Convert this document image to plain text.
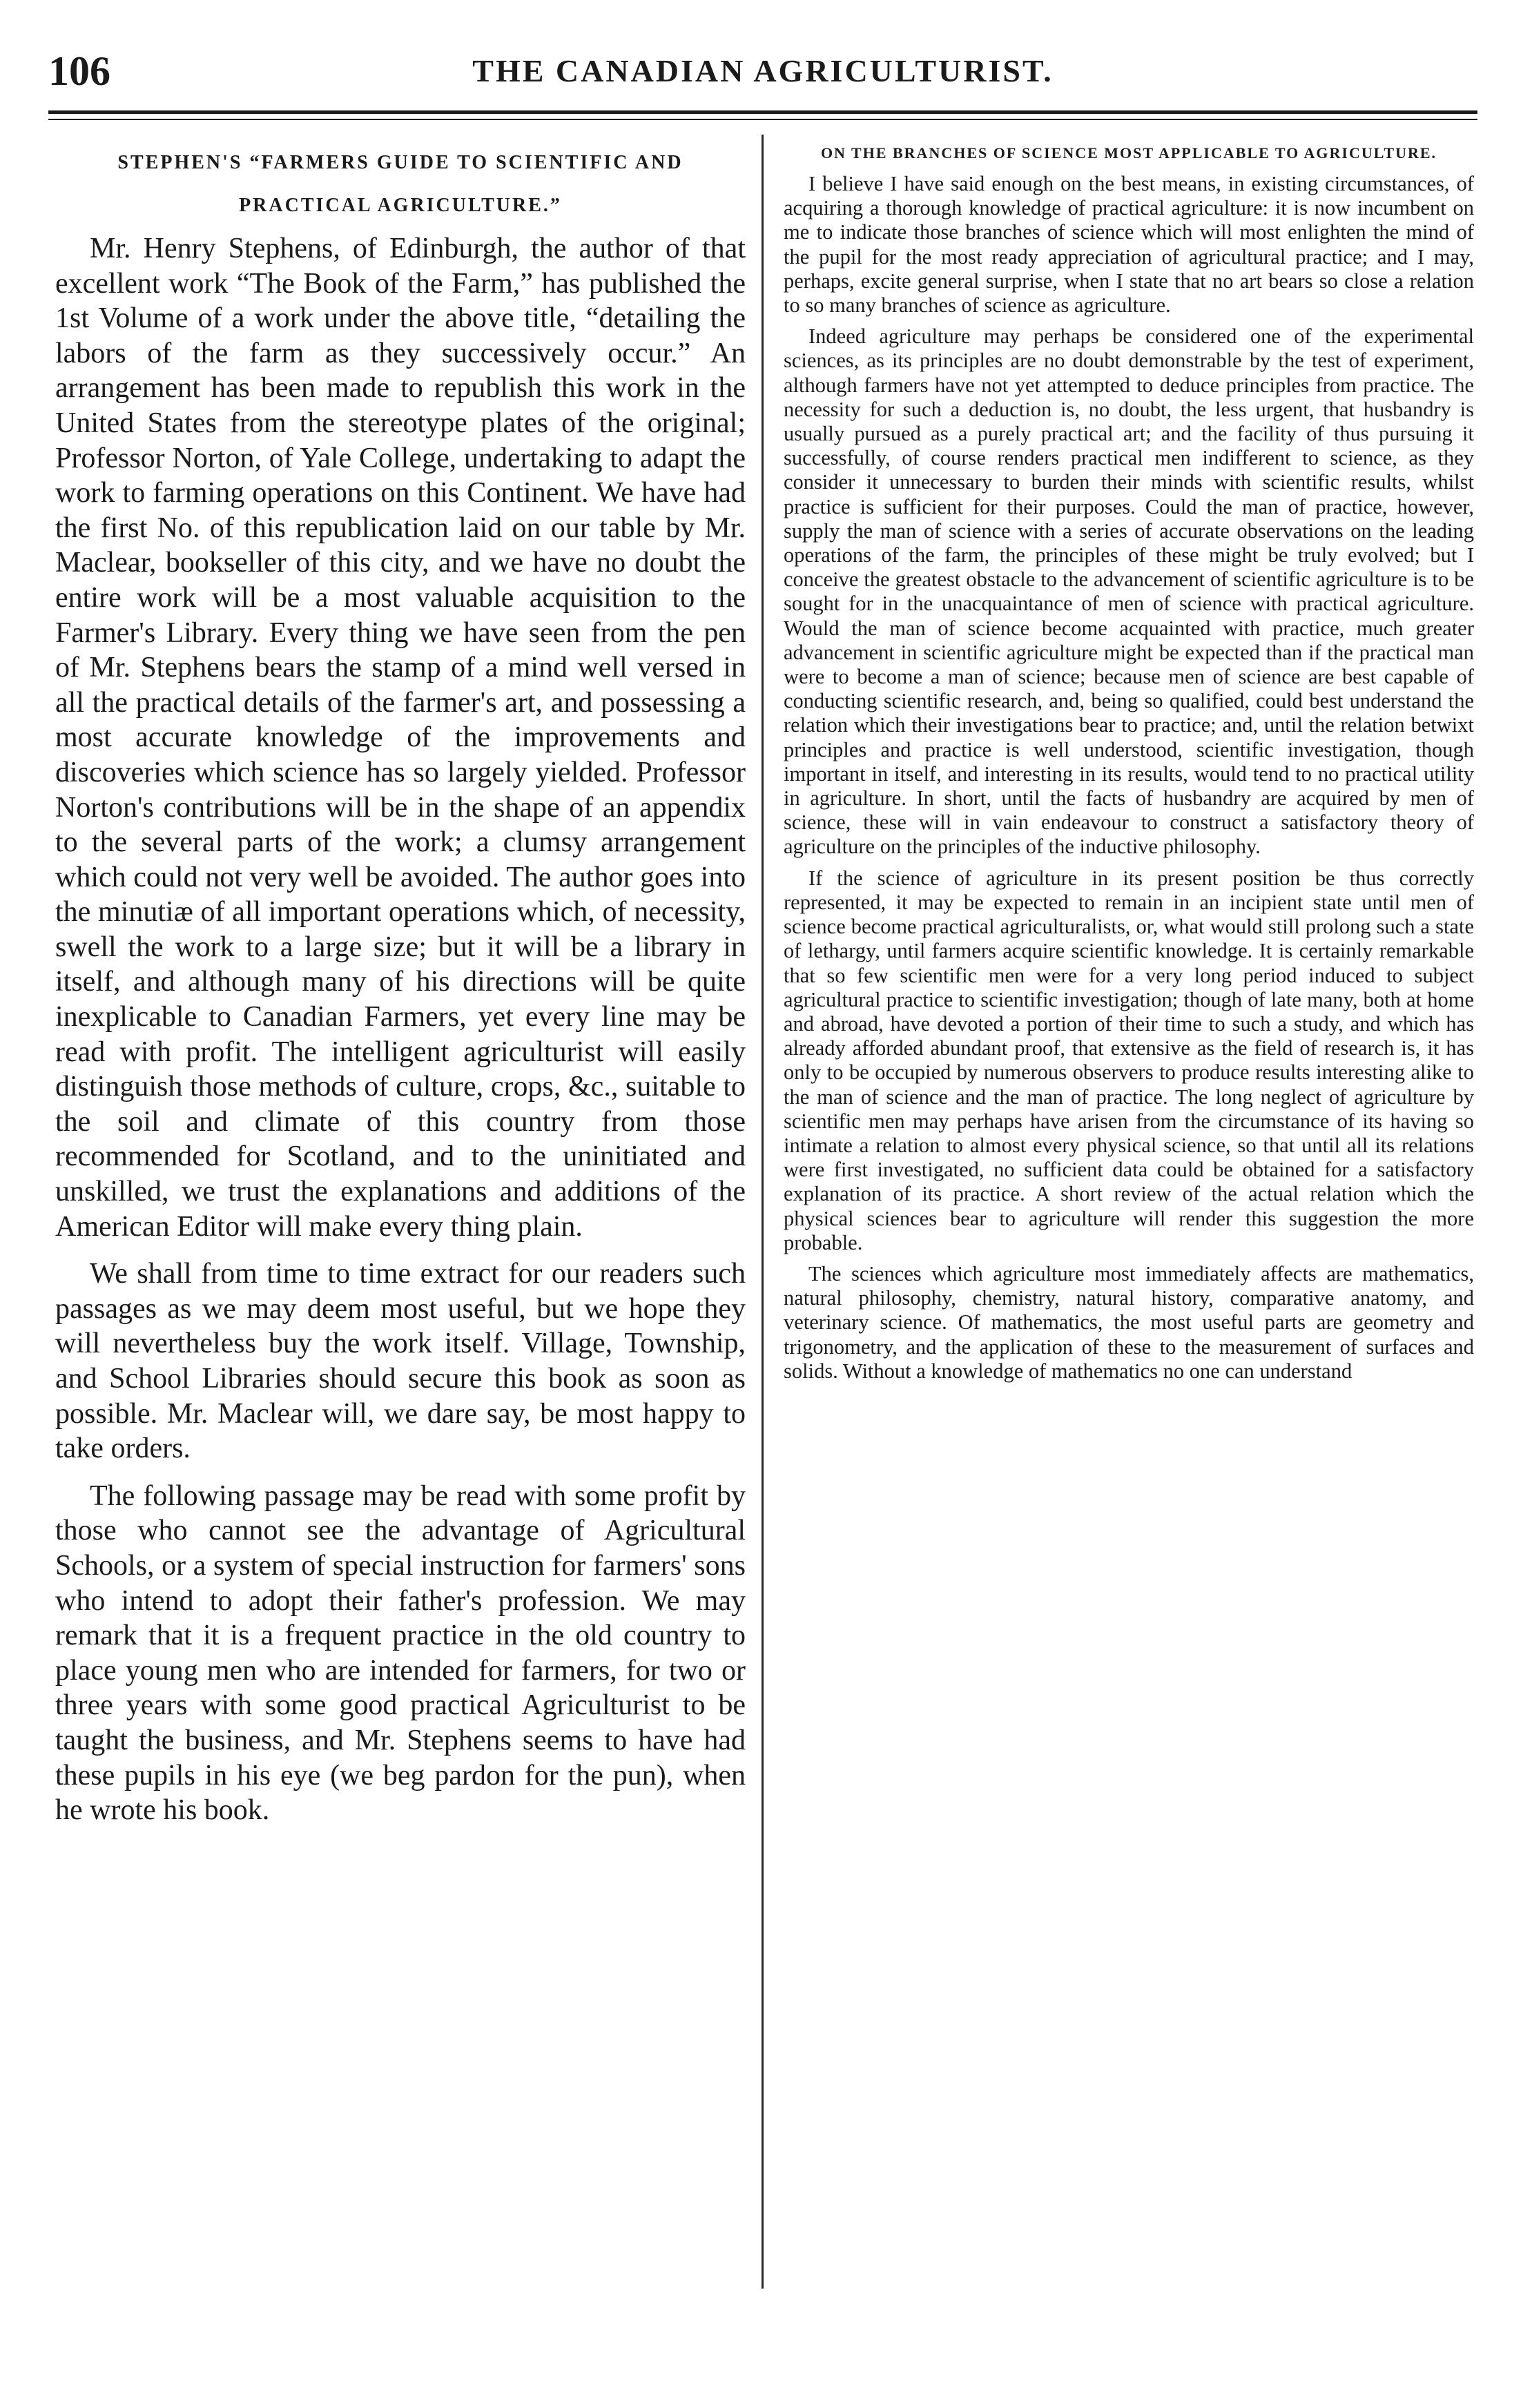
106	THE CANADIAN AGRICULTURIST.
STEPHEN'S “FARMERS GUIDE TO SCIENTIFIC AND PRACTICAL AGRICULTURE.”

Mr. Henry Stephens, of Edinburgh, the author of that excellent work “The Book of the Farm,” has published the 1st Volume of a work under the above title, “detailing the labors of the farm as they successively occur.” An arrangement has been made to republish this work in the United States from the stereotype plates of the original; Professor Norton, of Yale College, undertaking to adapt the work to farming operations on this Continent. We have had the first No. of this republication laid on our table by Mr. Maclear, bookseller of this city, and we have no doubt the entire work will be a most valuable acquisition to the Farmer's Library. Every thing we have seen from the pen of Mr. Stephens bears the stamp of a mind well versed in all the practical details of the farmer's art, and possessing a most accurate knowledge of the improvements and discoveries which science has so largely yielded. Professor Norton's contributions will be in the shape of an appendix to the several parts of the work; a clumsy arrangement which could not very well be avoided. The author goes into the minutiæ of all important operations which, of necessity, swell the work to a large size; but it will be a library in itself, and although many of his directions will be quite inexplicable to Canadian Farmers, yet every line may be read with profit. The intelligent agriculturist will easily distinguish those methods of culture, crops, &c., suitable to the soil and climate of this country from those recommended for Scotland, and to the uninitiated and unskilled, we trust the explanations and additions of the American Editor will make every thing plain.

We shall from time to time extract for our readers such passages as we may deem most useful, but we hope they will nevertheless buy the work itself. Village, Township, and School Libraries should secure this book as soon as possible. Mr. Maclear will, we dare say, be most happy to take orders.

The following passage may be read with some profit by those who cannot see the advantage of Agricultural Schools, or a system of special instruction for farmers' sons who intend to adopt their father's profession. We may remark that it is a frequent practice in the old country to place young men who are intended for farmers, for two or three years with some good practical Agriculturist to be taught the business, and Mr. Stephens seems to have had these pupils in his eye (we beg pardon for the pun), when he wrote his book.

ON THE BRANCHES OF SCIENCE MOST APPLICABLE TO AGRICULTURE.

I believe I have said enough on the best means, in existing circumstances, of acquiring a thorough knowledge of practical agriculture: it is now incumbent on me to indicate those branches of science which will most enlighten the mind of the pupil for the most ready appreciation of agricultural practice; and I may, perhaps, excite general surprise, when I state that no art bears so close a relation to so many branches of science as agriculture.

Indeed agriculture may perhaps be considered one of the experimental sciences, as its principles are no doubt demonstrable by the test of experiment, although farmers have not yet attempted to deduce principles from practice. The necessity for such a deduction is, no doubt, the less urgent, that husbandry is usually pursued as a purely practical art; and the facility of thus pursuing it successfully, of course renders practical men indifferent to science, as they consider it unnecessary to burden their minds with scientific results, whilst practice is sufficient for their purposes. Could the man of practice, however, supply the man of science with a series of accurate observations on the leading operations of the farm, the principles of these might be truly evolved; but I conceive the greatest obstacle to the advancement of scientific agriculture is to be sought for in the unacquaintance of men of science with practical agriculture. Would the man of science become acquainted with practice, much greater advancement in scientific agriculture might be expected than if the practical man were to become a man of science; because men of science are best capable of conducting scientific research, and, being so qualified, could best understand the relation which their investigations bear to practice; and, until the relation betwixt principles and practice is well understood, scientific investigation, though important in itself, and interesting in its results, would tend to no practical utility in agriculture. In short, until the facts of husbandry are acquired by men of science, these will in vain endeavour to construct a satisfactory theory of agriculture on the principles of the inductive philosophy.

If the science of agriculture in its present position be thus correctly represented, it may be expected to remain in an incipient state until men of science become practical agriculturalists, or, what would still prolong such a state of lethargy, until farmers acquire scientific knowledge. It is certainly remarkable that so few scientific men were for a very long period induced to subject agricultural practice to scientific investigation; though of late many, both at home and abroad, have devoted a portion of their time to such a study, and which has already afforded abundant proof, that extensive as the field of research is, it has only to be occupied by numerous observers to produce results interesting alike to the man of science and the man of practice. The long neglect of agriculture by scientific men may perhaps have arisen from the circumstance of its having so intimate a relation to almost every physical science, so that until all its relations were first investigated, no sufficient data could be obtained for a satisfactory explanation of its practice. A short review of the actual relation which the physical sciences bear to agriculture will render this suggestion the more probable.

The sciences which agriculture most immediately affects are mathematics, natural philosophy, chemistry, natural history, comparative anatomy, and veterinary science. Of mathematics, the most useful parts are geometry and trigonometry, and the application of these to the measurement of surfaces and solids. Without a knowledge of mathematics no one can understand
